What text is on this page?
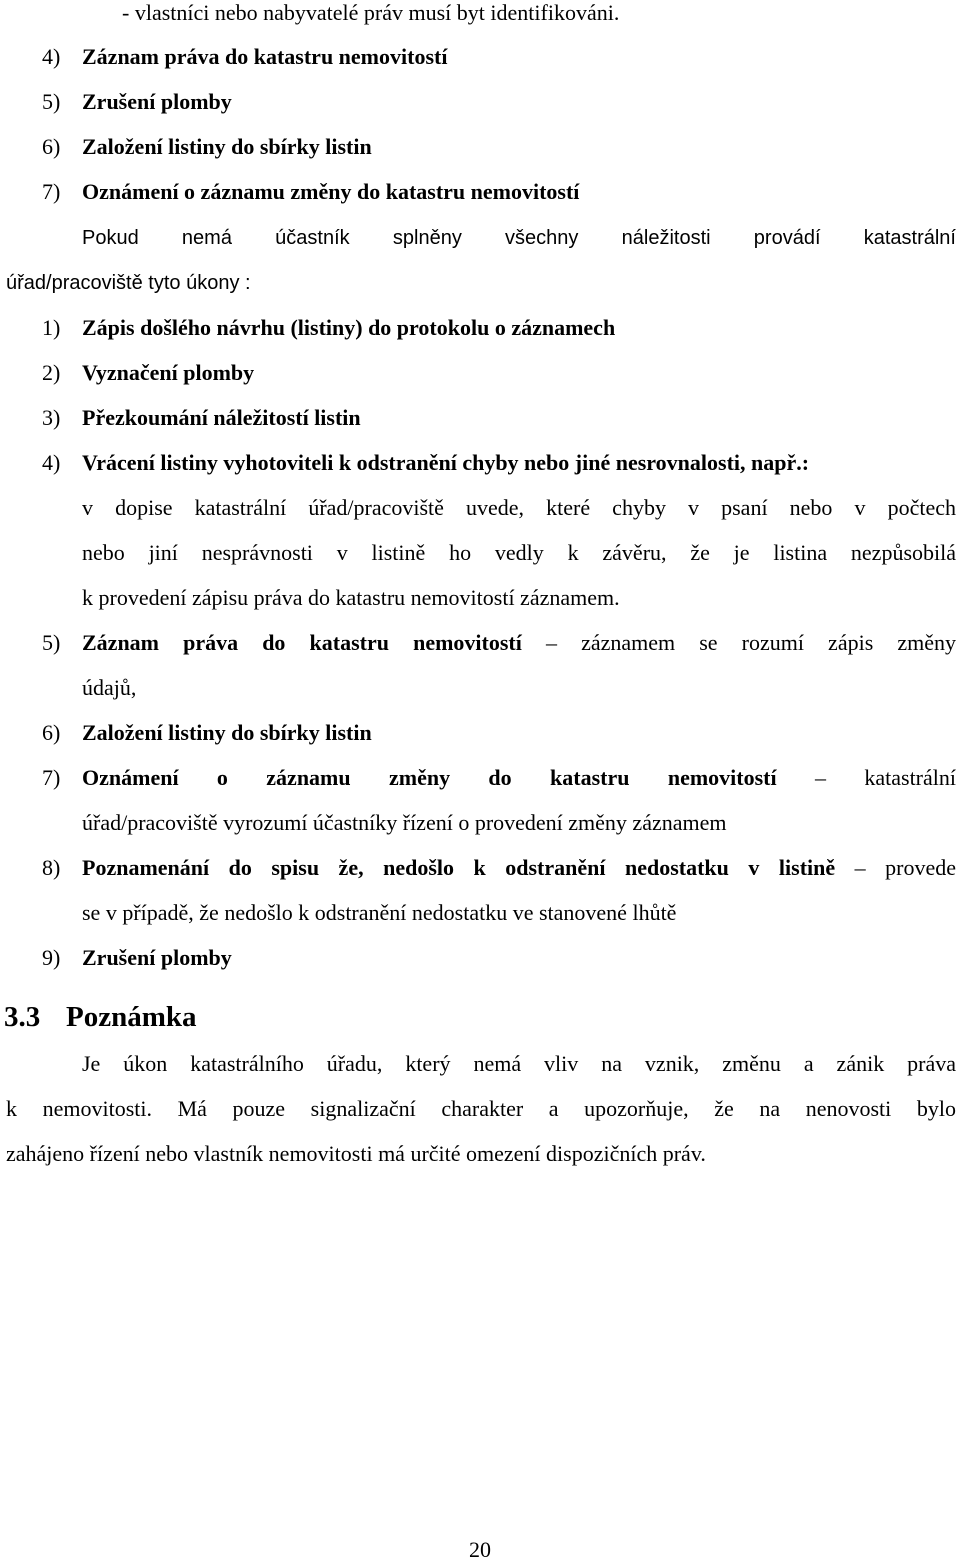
- vlastníci nebo nabyvatelé práv musí byt identifikováni.
4) Záznam práva do katastru nemovitostí
5) Zrušení plomby
6) Založení listiny do sbírky listin
7) Oznámení o záznamu změny do katastru nemovitostí
Pokud nemá účastník splněny všechny náležitosti provádí katastrální
úřad/pracoviště tyto úkony :
1) Zápis došlého návrhu (listiny) do protokolu o záznamech
2) Vyznačení plomby
3) Přezkoumání náležitostí listin
4) Vrácení listiny vyhotoviteli k odstranění chyby nebo jiné nesrovnalosti, např.:
v dopise katastrální úřad/pracoviště uvede, které chyby v psaní nebo v počtech
nebo jiní nesprávnosti v listině ho vedly k závěru, že je listina nezpůsobilá
k provedení zápisu práva do katastru nemovitostí záznamem.
5) Záznam práva do katastru nemovitostí – záznamem se rozumí zápis změny
údajů,
6) Založení listiny do sbírky listin
7) Oznámení o záznamu změny do katastru nemovitostí – katastrální
úřad/pracoviště vyrozumí účastníky řízení o provedení změny záznamem
8) Poznamenání do spisu že, nedošlo k odstranění nedostatku v listině – provede
se v případě, že nedošlo k odstranění nedostatku ve stanovené lhůtě
9) Zrušení plomby
3.3 Poznámka
Je úkon katastrálního úřadu, který nemá vliv na vznik, změnu a zánik práva
k nemovitosti. Má pouze signalizační charakter a upozorňuje, že na nenovosti bylo
zahájeno řízení nebo vlastník nemovitosti má určité omezení dispozičních práv.
20
